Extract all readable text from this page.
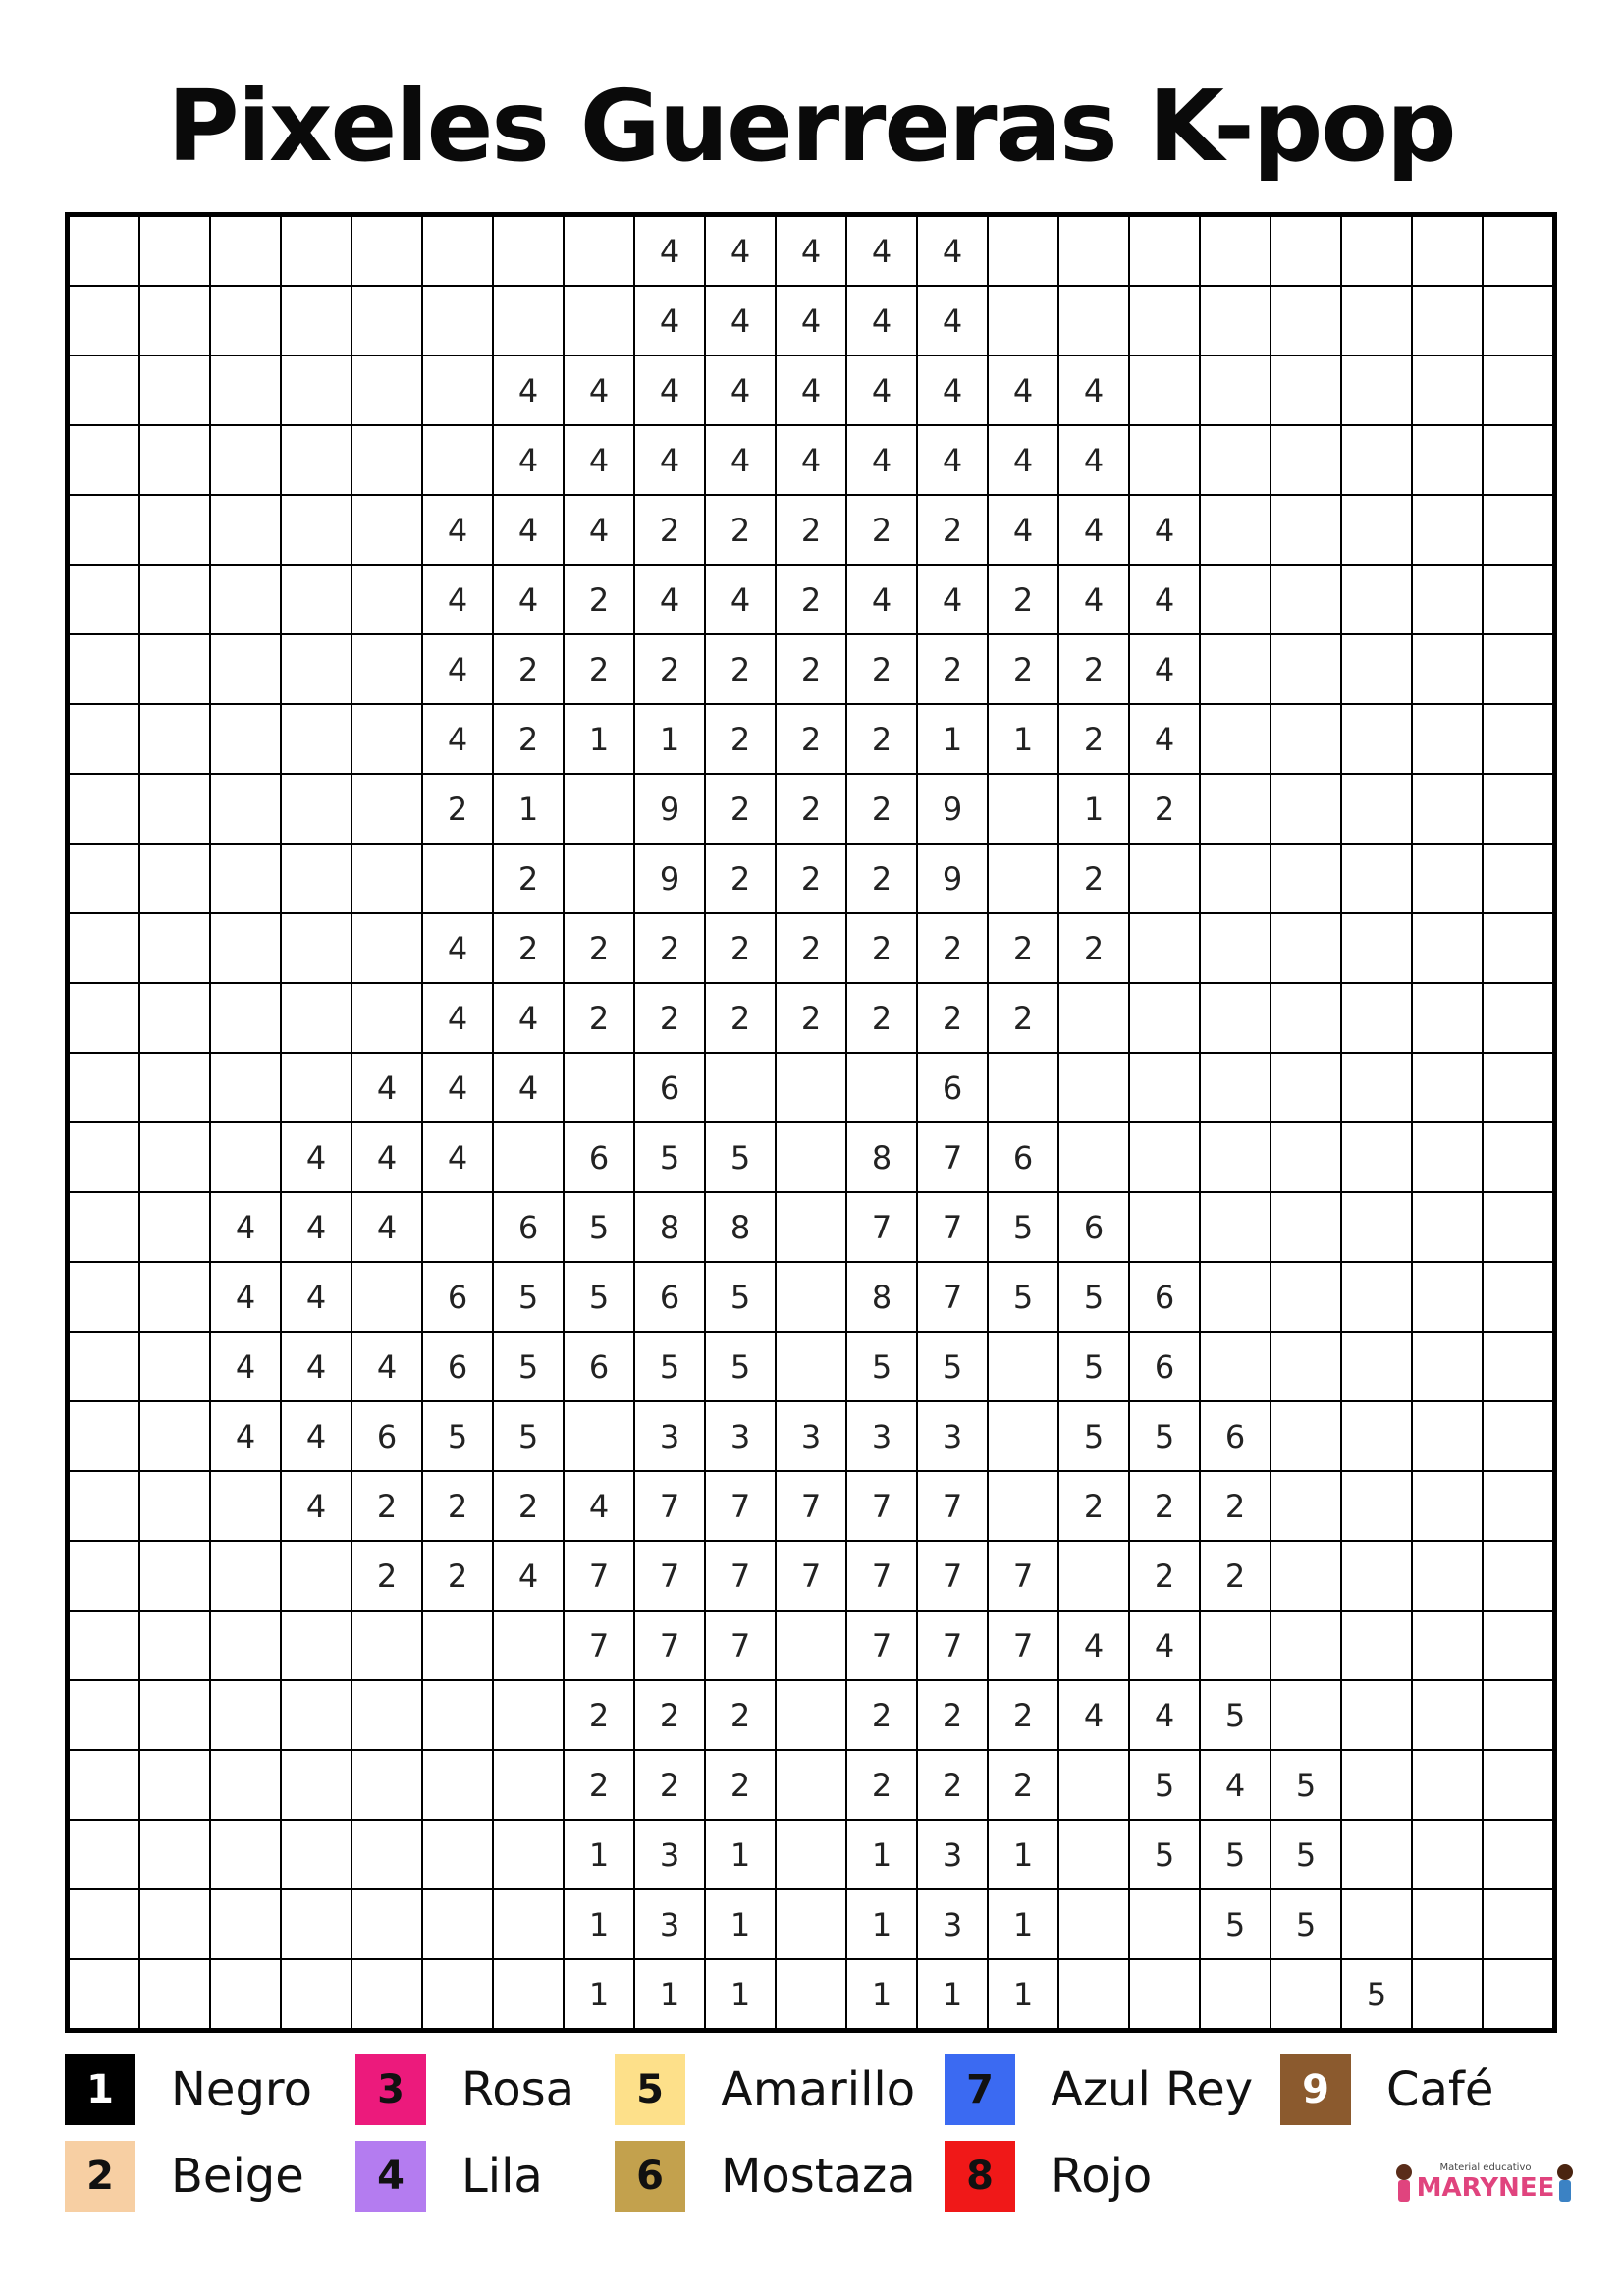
Pixeles Guerreras K-pop
								4	4	4	4	4								
								4	4	4	4	4								
						4	4	4	4	4	4	4	4	4						
						4	4	4	4	4	4	4	4	4						
					4	4	4	2	2	2	2	2	4	4	4					
					4	4	2	4	4	2	4	4	2	4	4					
					4	2	2	2	2	2	2	2	2	2	4					
					4	2	1	1	2	2	2	1	1	2	4					
					2	1		9	2	2	2	9		1	2					
						2		9	2	2	2	9		2						
					4	2	2	2	2	2	2	2	2	2						
					4	4	2	2	2	2	2	2	2							
				4	4	4		6				6								
			4	4	4		6	5	5		8	7	6							
		4	4	4		6	5	8	8		7	7	5	6						
		4	4		6	5	5	6	5		8	7	5	5	6					
		4	4	4	6	5	6	5	5		5	5		5	6					
		4	4	6	5	5		3	3	3	3	3		5	5	6				
			4	2	2	2	4	7	7	7	7	7		2	2	2				
				2	2	4	7	7	7	7	7	7	7		2	2				
							7	7	7		7	7	7	4	4					
							2	2	2		2	2	2	4	4	5				
							2	2	2		2	2	2		5	4	5			
							1	3	1		1	3	1		5	5	5			
							1	3	1		1	3	1			5	5			
							1	1	1		1	1	1					5		
1	Negro
2	Beige
3	Rosa
4	Lila
5	Amarillo
6	Mostaza
7	Azul Rey
8	Rojo
9	Café
Material educativo
MARYNEE
